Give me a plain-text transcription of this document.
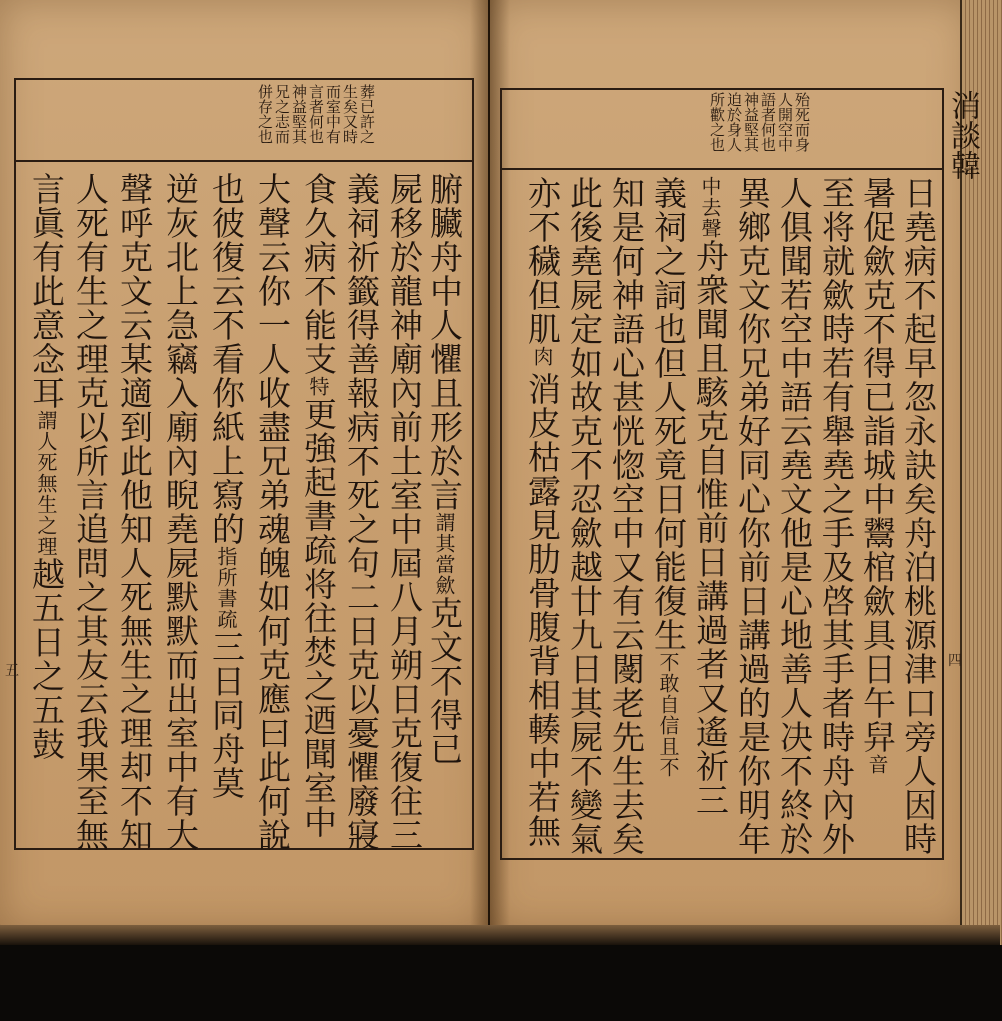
葬已許之
生矣又時
而室中有
言者何也
神益堅其
兄之志而
併存之也
腑臟舟中人懼且形於言謂其當歛克文不得已
屍移於龍神廟內前土室中屆八月朔日克復往三
義祠祈籤得善報病不死之句二日克以憂懼廢寢
食久病不能支特更強起書疏将往焚之迺聞室中
大聲云你一人收盡兄弟魂魄如何克應曰此何說
也彼復云不看你紙上寫的指所書疏三日同舟莫
逆灰北上急竊入廟內睨堯屍默默而出室中有大
聲呼克文云某適到此他知人死無生之理却不知
人死有生之理克以所言追問之其友云我果至無
言眞有此意念耳謂人死無生之理越五日之五鼓
五
殆死而身
人開空中
語者何也
神益堅其
迫於身人
所歡之也	消談韓
四
日堯病不起早忽永訣矣舟泊桃源津口旁人因時
暑促歛克不得已詣城中鬻棺歛具日午舁音
至将就歛時若有舉堯之手及啓其手者時舟內外
人俱聞若空中語云堯文他是心地善人决不終於
異鄉克文你兄弟好同心你前日講過的是你明年
中去聲舟衆聞且駭克自惟前日講過者又遙祈三
義祠之詞也但人死竟日何能復生不敢自信且不
知是何神語心甚恍惚空中又有云閿老先生去矣
此後堯屍定如故克不忍歛越廿九日其屍不變氣
亦不穢但肌肉
消皮枯露見肋骨腹背相輳中若無
